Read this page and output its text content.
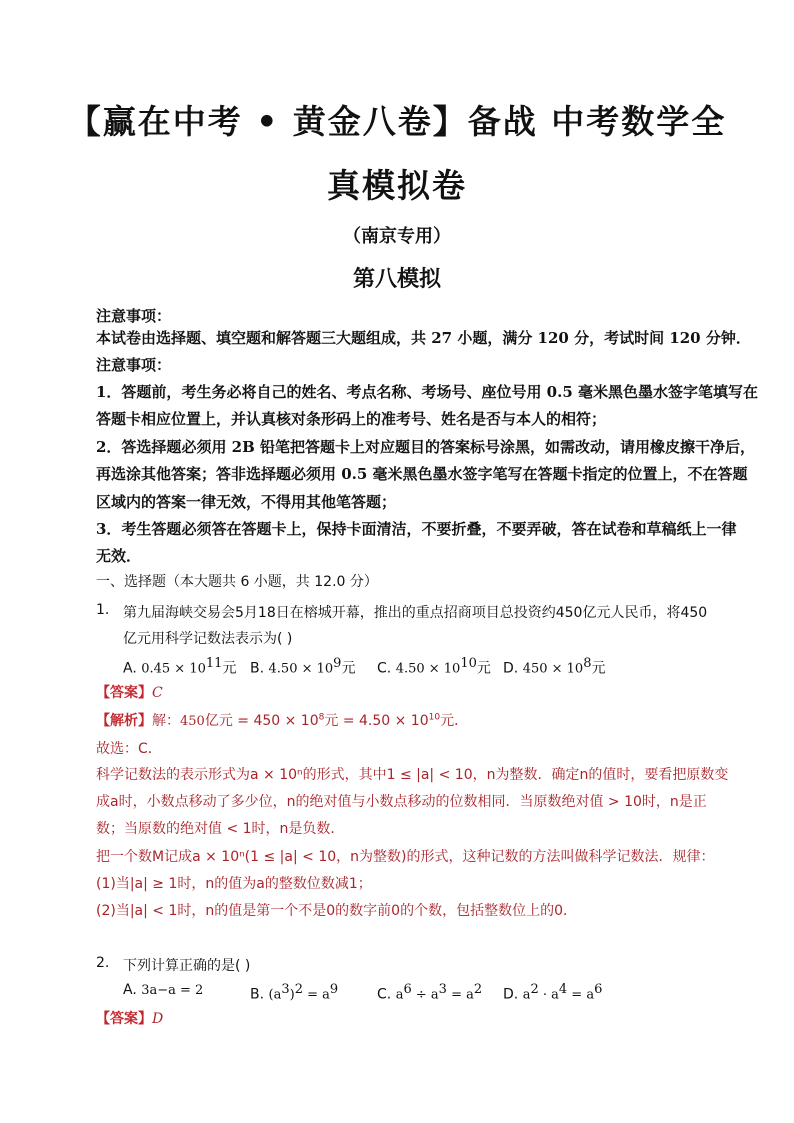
【赢在中考 • 黄金八卷】备战 中考数学全
真模拟卷
（南京专用）
第八模拟
注意事项：
本试卷由选择题、填空题和解答题三大题组成，共 27 小题，满分 120 分，考试时间 120 分钟．
注意事项：
1．答题前，考生务必将自己的姓名、考点名称、考场号、座位号用 0.5 毫米黑色墨水签字笔填写在
答题卡相应位置上，并认真核对条形码上的准考号、姓名是否与本人的相符；
2．答选择题必须用 2B 铅笔把答题卡上对应题目的答案标号涂黑，如需改动，请用橡皮擦干净后，
再选涂其他答案；答非选择题必须用 0.5 毫米黑色墨水签字笔写在答题卡指定的位置上，不在答题
区域内的答案一律无效，不得用其他笔答题；
3．考生答题必须答在答题卡上，保持卡面清洁，不要折叠，不要弄破，答在试卷和草稿纸上一律
无效．
一、选择题（本大题共 6 小题，共 12.0 分）
1. 第九届海峡交易会5月18日在榕城开幕，推出的重点招商项目总投资约450亿元人民币，将450
亿元用科学记数法表示为( )
A. $0.45 \times 10^{11}$元 B. $4.50 \times 10^9$元 C. $4.50 \times 10^{10}$元 D. $450 \times 10^8$元
【答案】C
【解析】解：450亿元 = $450 \times 10^8$元 = $4.50 \times 10^{10}$元．
故选：C．
科学记数法的表示形式为a × 10ⁿ的形式，其中1 ≤ |a| < 10，n为整数．确定n的值时，要看把原数变
成a时，小数点移动了多少位，n的绝对值与小数点移动的位数相同．当原数绝对值 > 10时，n是正
数；当原数的绝对值 < 1时，n是负数．
把一个数M记成a × 10ⁿ(1 ≤ |a| < 10，n为整数)的形式，这种记数的方法叫做科学记数法．规律：
(1)当|a| ≥ 1时，n的值为a的整数位数减1；
(2)当|a| < 1时，n的值是第一个不是0的数字前0的个数，包括整数位上的0．
2. 下列计算正确的是( )
A. 3a−a = 2	B. $(a^3)^2 = a^9$	C. $a^6 \div a^3 = a^2$ D. $a^2 \cdot a^4 = a^6$
【答案】D
